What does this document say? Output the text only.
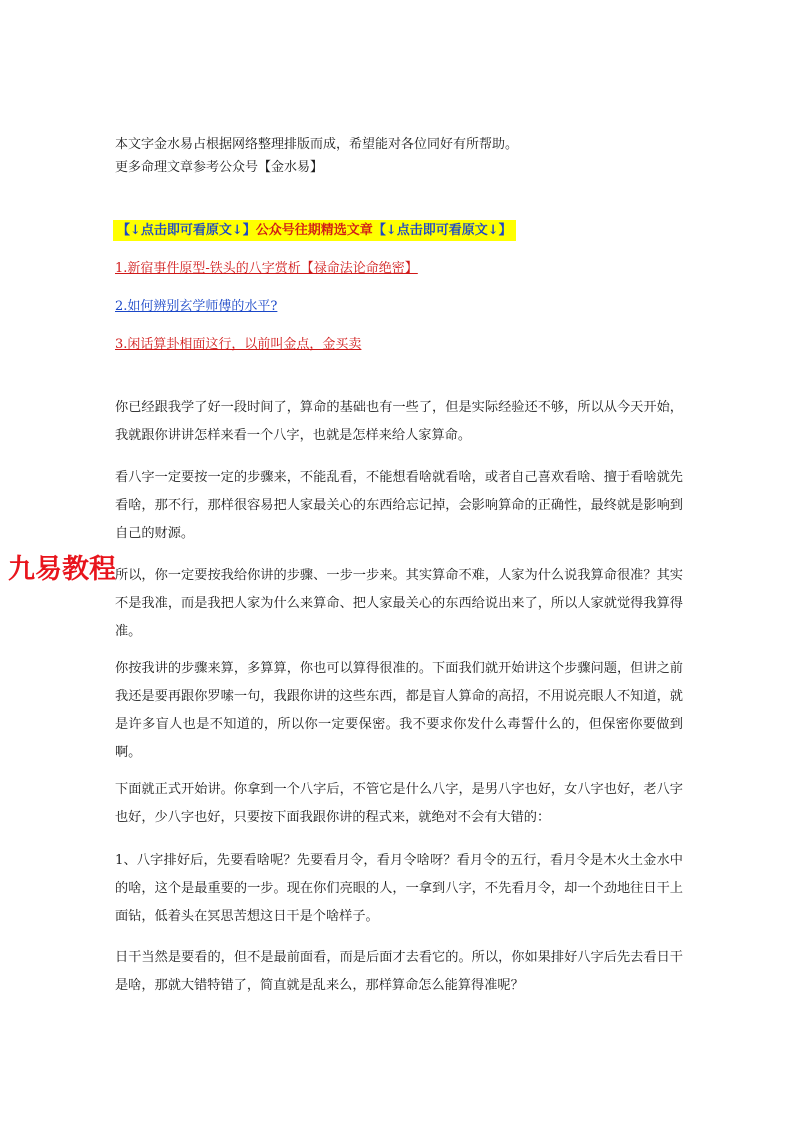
本文字金水易占根据网络整理排版而成，希望能对各位同好有所帮助。
更多命理文章参考公众号【金水易】
【↓点击即可看原文↓】公众号往期精选文章【↓点击即可看原文↓】
1.新宿事件原型-铁头的八字赏析【禄命法论命绝密】
2.如何辨别玄学师傅的水平?
3.闲话算卦相面这行，以前叫金点，金买卖
你已经跟我学了好一段时间了，算命的基础也有一些了，但是实际经验还不够，所以从今天开始，我就跟你讲讲怎样来看一个八字，也就是怎样来给人家算命。
看八字一定要按一定的步骤来，不能乱看，不能想看啥就看啥，或者自己喜欢看啥、擅于看啥就先看啥，那不行，那样很容易把人家最关心的东西给忘记掉，会影响算命的正确性，最终就是影响到自己的财源。
所以，你一定要按我给你讲的步骤、一步一步来。其实算命不难，人家为什么说我算命很准？其实不是我准，而是我把人家为什么来算命、把人家最关心的东西给说出来了，所以人家就觉得我算得准。
你按我讲的步骤来算，多算算，你也可以算得很准的。下面我们就开始讲这个步骤问题，但讲之前我还是要再跟你罗嗦一句，我跟你讲的这些东西，都是盲人算命的高招，不用说亮眼人不知道，就是许多盲人也是不知道的，所以你一定要保密。我不要求你发什么毒誓什么的，但保密你要做到啊。
下面就正式开始讲。你拿到一个八字后，不管它是什么八字，是男八字也好，女八字也好，老八字也好，少八字也好，只要按下面我跟你讲的程式来，就绝对不会有大错的：
1、八字排好后，先要看啥呢？先要看月令，看月令啥呀？看月令的五行，看月令是木火土金水中的啥，这个是最重要的一步。现在你们亮眼的人，一拿到八字，不先看月令，却一个劲地往日干上面钻，低着头在冥思苦想这日干是个啥样子。
日干当然是要看的，但不是最前面看，而是后面才去看它的。所以，你如果排好八字后先去看日干是啥，那就大错特错了，简直就是乱来么，那样算命怎么能算得准呢？
九易教程
